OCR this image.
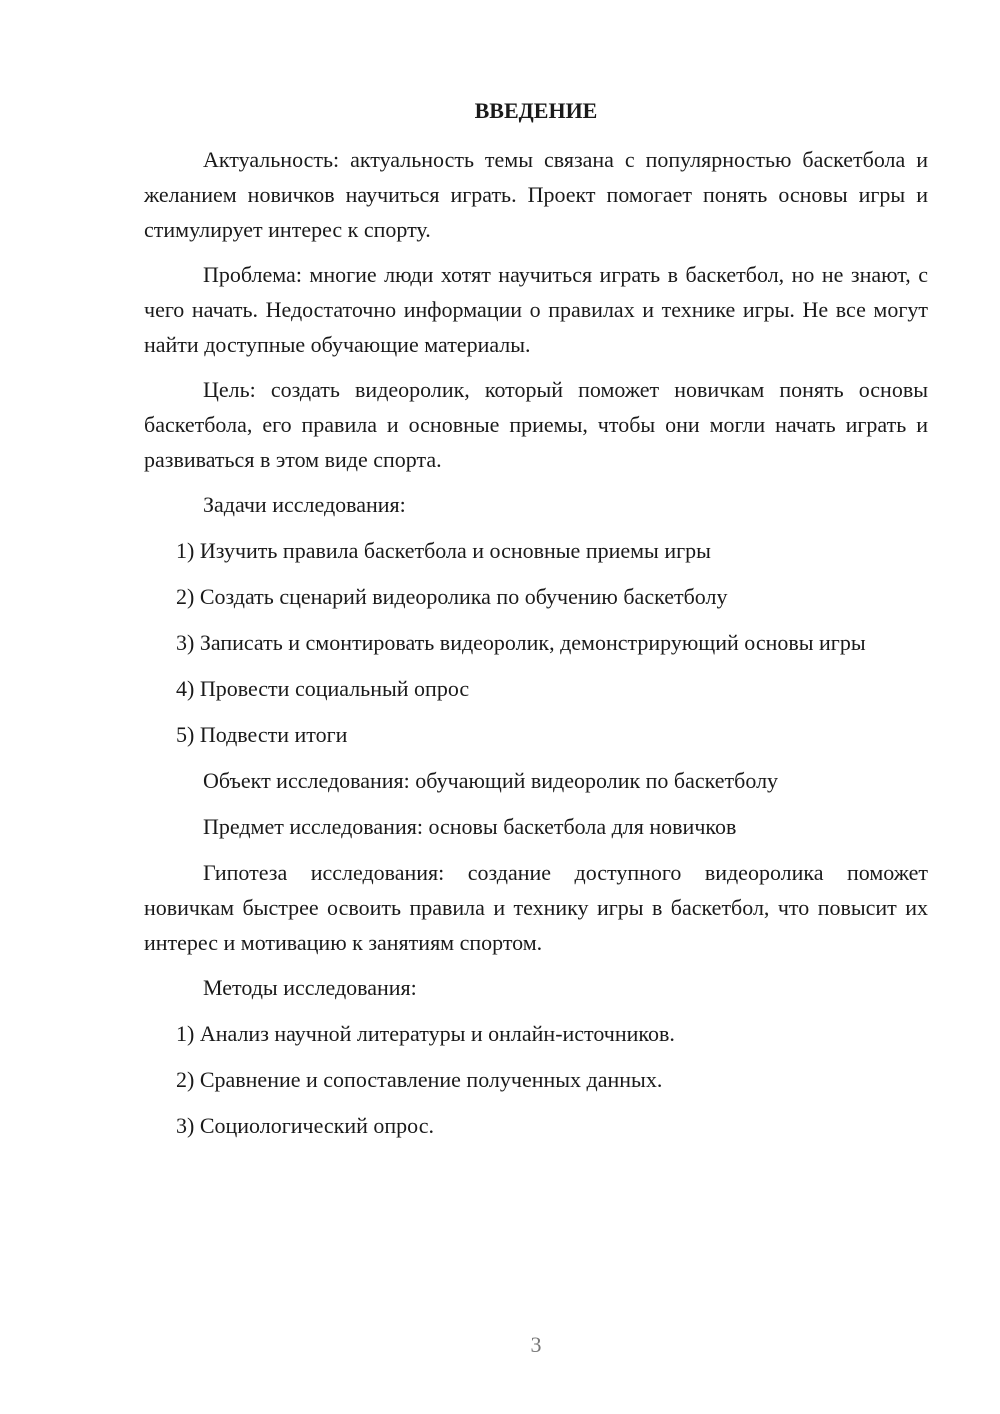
ВВЕДЕНИЕ

Актуальность: актуальность темы связана с популярностью баскетбола и желанием новичков научиться играть. Проект помогает понять основы игры и стимулирует интерес к спорту.

Проблема: многие люди хотят научиться играть в баскетбол, но не знают, с чего начать. Недостаточно информации о правилах и технике игры. Не все могут найти доступные обучающие материалы.

Цель: создать видеоролик, который поможет новичкам понять основы баскетбола, его правила и основные приемы, чтобы они могли начать играть и развиваться в этом виде спорта.

Задачи исследования:

1) Изучить правила баскетбола и основные приемы игры

2) Создать сценарий видеоролика по обучению баскетболу

3) Записать и смонтировать видеоролик, демонстрирующий основы игры

4) Провести социальный опрос

5) Подвести итоги

Объект исследования: обучающий видеоролик по баскетболу

Предмет исследования: основы баскетбола для новичков

Гипотеза исследования: создание доступного видеоролика поможет новичкам быстрее освоить правила и технику игры в баскетбол, что повысит их интерес и мотивацию к занятиям спортом.

Методы исследования:

1) Анализ научной литературы и онлайн-источников.

2) Сравнение и сопоставление полученных данных.

3) Социологический опрос.

3
